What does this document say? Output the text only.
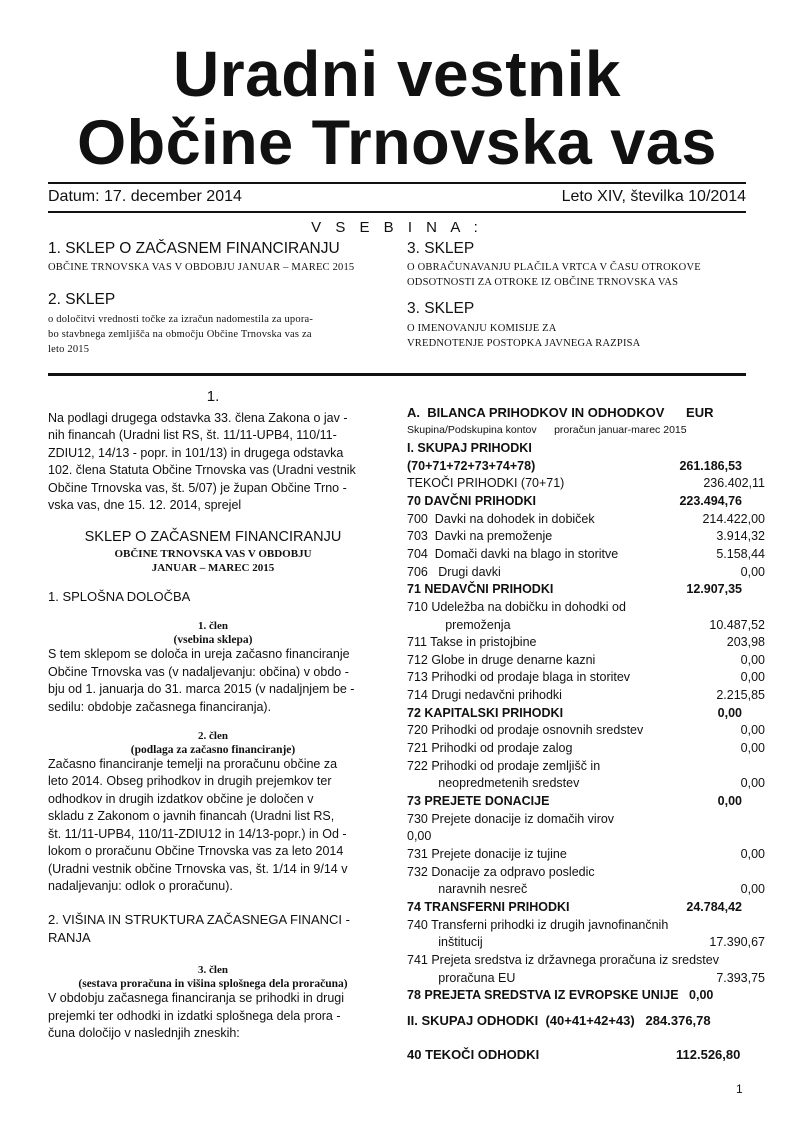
Uradni vestnik
Občine Trnovska vas
Datum: 17. december 2014	Leto XIV, številka 10/2014
V S E B I N A :
1. SKLEP O ZAČASNEM FINANCIRANJU
OBČINE TRNOVSKA VAS V OBDOBJU JANUAR – MAREC 2015
2. SKLEP
o določitvi vrednosti točke za izračun nadomestila za upora-
bo stavbnega zemljišča na območju Občine Trnovska vas za
leto 2015
3. SKLEP
O OBRAČUNAVANJU PLAČILA VRTCA V ČASU OTROKOVE
ODSOTNOSTI ZA OTROKE IZ OBČINE TRNOVSKA VAS
3. SKLEP
O IMENOVANJU KOMISIJE ZA
VREDNOTENJE POSTOPKA JAVNEGA RAZPISA
1.
Na podlagi drugega odstavka 33. člena Zakona o jav -
nih financah (Uradni list RS, št. 11/11-UPB4, 110/11-
ZDIU12, 14/13 - popr. in 101/13) in drugega odstavka
102. člena Statuta Občine Trnovska vas (Uradni vestnik
Občine Trnovska vas, št. 5/07) je župan Občine Trno -
vska vas, dne 15. 12. 2014, sprejel
SKLEP O ZAČASNEM FINANCIRANJU
OBČINE TRNOVSKA VAS V OBDOBJU
JANUAR – MAREC 2015
1. SPLOŠNA DOLOČBA
1. člen
(vsebina sklepa)
S tem sklepom se določa in ureja začasno financiranje
Občine Trnovska vas (v nadaljevanju: občina) v obdo -
bju od 1. januarja do 31. marca 2015 (v nadaljnjem be -
sedilu: obdobje začasnega financiranja).
2. člen
(podlaga za začasno financiranje)
Začasno financiranje temelji na proračunu občine za
leto 2014. Obseg prihodkov in drugih prejemkov ter
odhodkov in drugih izdatkov občine je določen v
skladu z Zakonom o javnih financah (Uradni list RS,
št. 11/11-UPB4, 110/11-ZDIU12 in 14/13-popr.) in Od -
lokom o proračunu Občine Trnovska vas za leto 2014
(Uradni vestnik občine Trnovska vas, št. 1/14 in 9/14 v
nadaljevanju: odlok o proračunu).
2. VIŠINA IN STRUKTURA ZAČASNEGA FINANCI -
RANJA
3. člen
(sestava proračuna in višina splošnega dela proračuna)
V obdobju začasnega financiranja se prihodki in drugi
prejemki ter odhodki in izdatki splošnega dela prora -
čuna določijo v naslednjih zneskih:
A.  BILANCA PRIHODKOV IN ODHODKOV      EUR
Skupina/Podskupina kontov      proračun januar-marec 2015
I. SKUPAJ PRIHODKI
(70+71+72+73+74+78)	261.186,53
TEKOČI PRIHODKI (70+71)	236.402,11
70 DAVČNI PRIHODKI	223.494,76
700  Davki na dohodek in dobiček	214.422,00
703  Davki na premoženje	3.914,32
704  Domači davki na blago in storitve	5.158,44
706   Drugi davki	0,00
71 NEDAVČNI PRIHODKI	12.907,35
710 Udeležba na dobičku in dohodki od
premoženja	10.487,52
711 Takse in pristojbine	203,98
712 Globe in druge denarne kazni	0,00
713 Prihodki od prodaje blaga in storitev	0,00
714 Drugi nedavčni prihodki	2.215,85
72 KAPITALSKI PRIHODKI	0,00
720 Prihodki od prodaje osnovnih sredstev	0,00
721 Prihodki od prodaje zalog	0,00
722 Prihodki od prodaje zemljišč in
neopredmetenih sredstev	0,00
73 PREJETE DONACIJE	0,00
730 Prejete donacije iz domačih virov
0,00
731 Prejete donacije iz tujine	0,00
732 Donacije za odpravo posledic
naravnih nesreč	0,00
74 TRANSFERNI PRIHODKI	24.784,42
740 Transferni prihodki iz drugih javnofinančnih
inštitucij	17.390,67
741 Prejeta sredstva iz državnega proračuna iz sredstev
proračuna EU	7.393,75
78 PREJETA SREDSTVA IZ EVROPSKE UNIJE   0,00
II. SKUPAJ ODHODKI  (40+41+42+43)   284.376,78
40 TEKOČI ODHODKI	112.526,80
1
